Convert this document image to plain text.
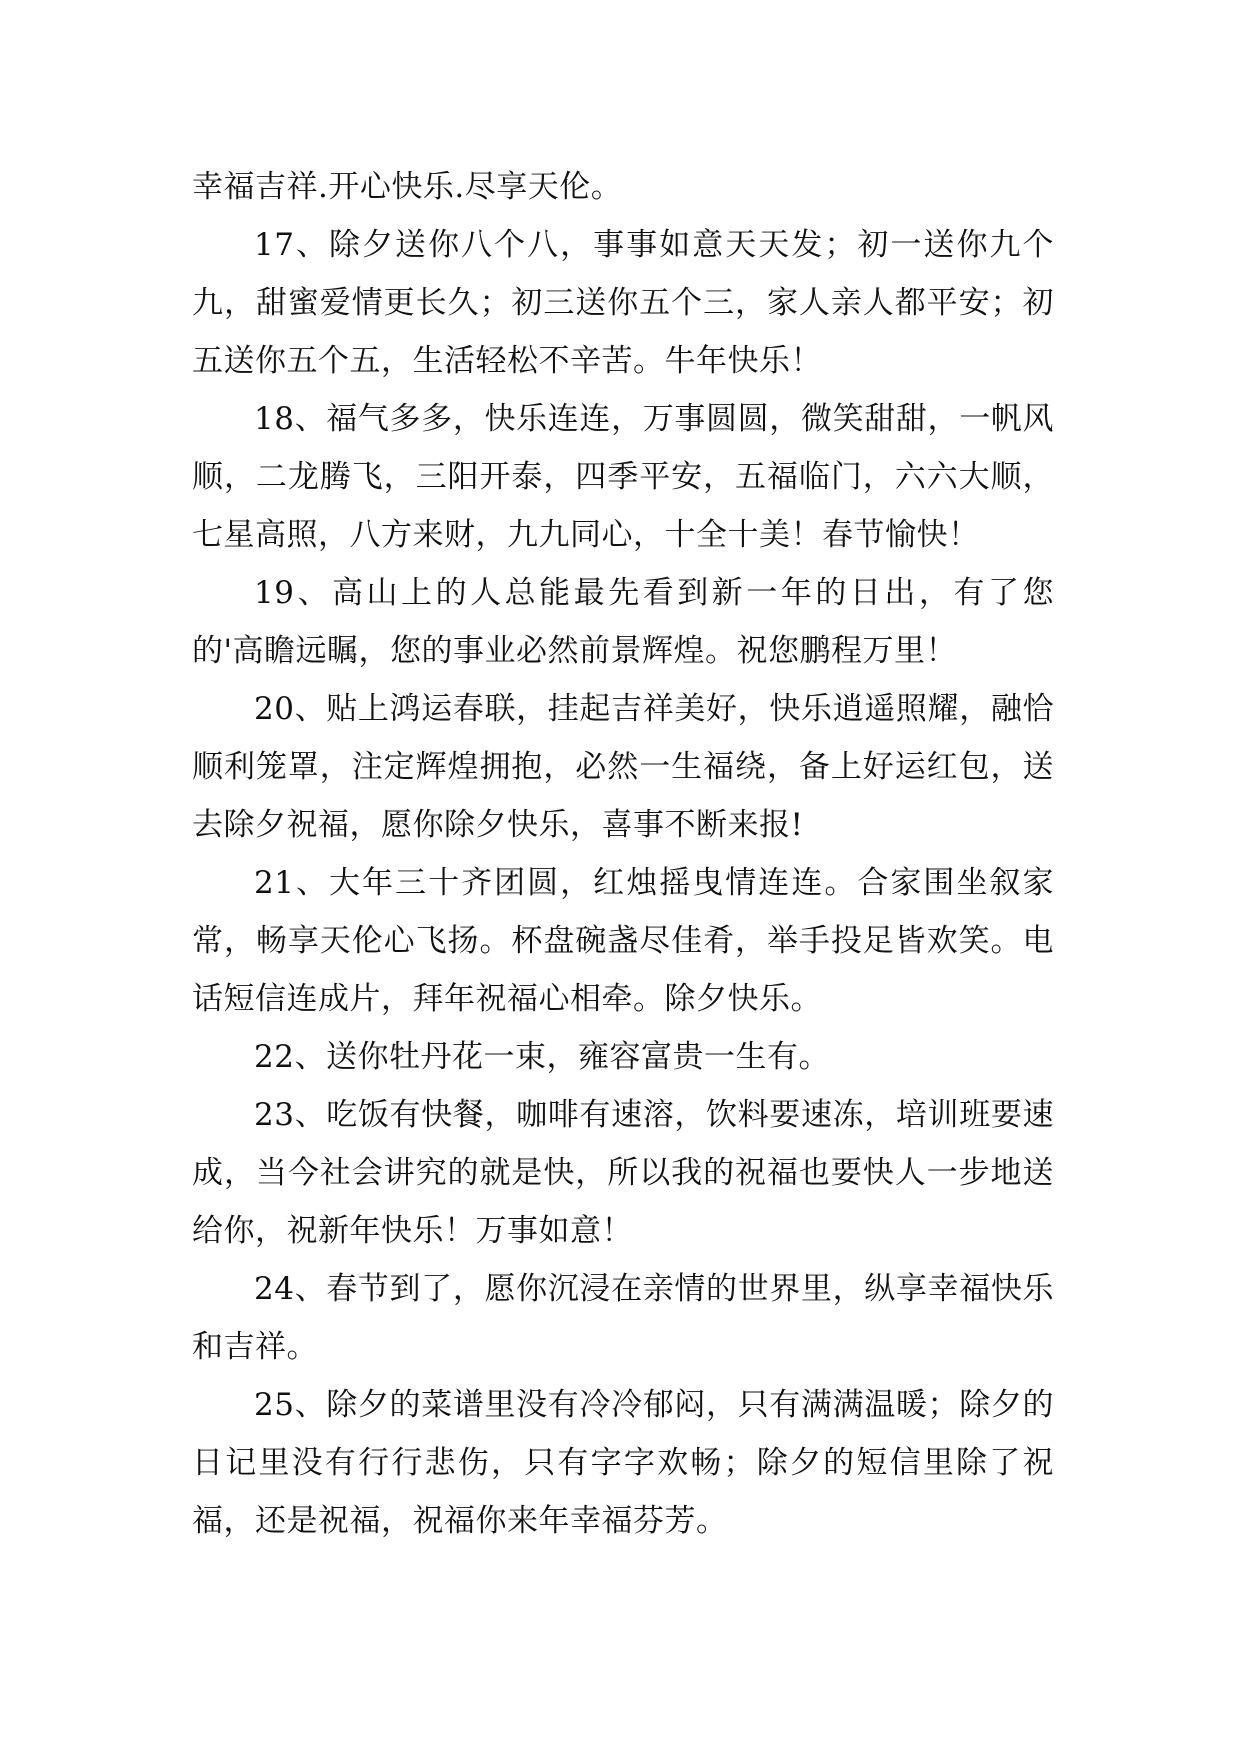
幸福吉祥.开心快乐.尽享天伦。

17、除夕送你八个八，事事如意天天发；初一送你九个九，甜蜜爱情更长久；初三送你五个三，家人亲人都平安；初五送你五个五，生活轻松不辛苦。牛年快乐！

18、福气多多，快乐连连，万事圆圆，微笑甜甜，一帆风顺，二龙腾飞，三阳开泰，四季平安，五福临门，六六大顺，七星高照，八方来财，九九同心，十全十美！春节愉快！

19、高山上的人总能最先看到新一年的日出，有了您的'高瞻远瞩，您的事业必然前景辉煌。祝您鹏程万里！

20、贴上鸿运春联，挂起吉祥美好，快乐逍遥照耀，融恰顺利笼罩，注定辉煌拥抱，必然一生福绕，备上好运红包，送去除夕祝福，愿你除夕快乐，喜事不断来报!

21、大年三十齐团圆，红烛摇曳情连连。合家围坐叙家常，畅享天伦心飞扬。杯盘碗盏尽佳肴，举手投足皆欢笑。电话短信连成片，拜年祝福心相牵。除夕快乐。

22、送你牡丹花一束，雍容富贵一生有。

23、吃饭有快餐，咖啡有速溶，饮料要速冻，培训班要速成，当今社会讲究的就是快，所以我的祝福也要快人一步地送给你，祝新年快乐！万事如意！

24、春节到了，愿你沉浸在亲情的世界里，纵享幸福快乐和吉祥。

25、除夕的菜谱里没有冷冷郁闷，只有满满温暖；除夕的日记里没有行行悲伤，只有字字欢畅；除夕的短信里除了祝福，还是祝福，祝福你来年幸福芬芳。
